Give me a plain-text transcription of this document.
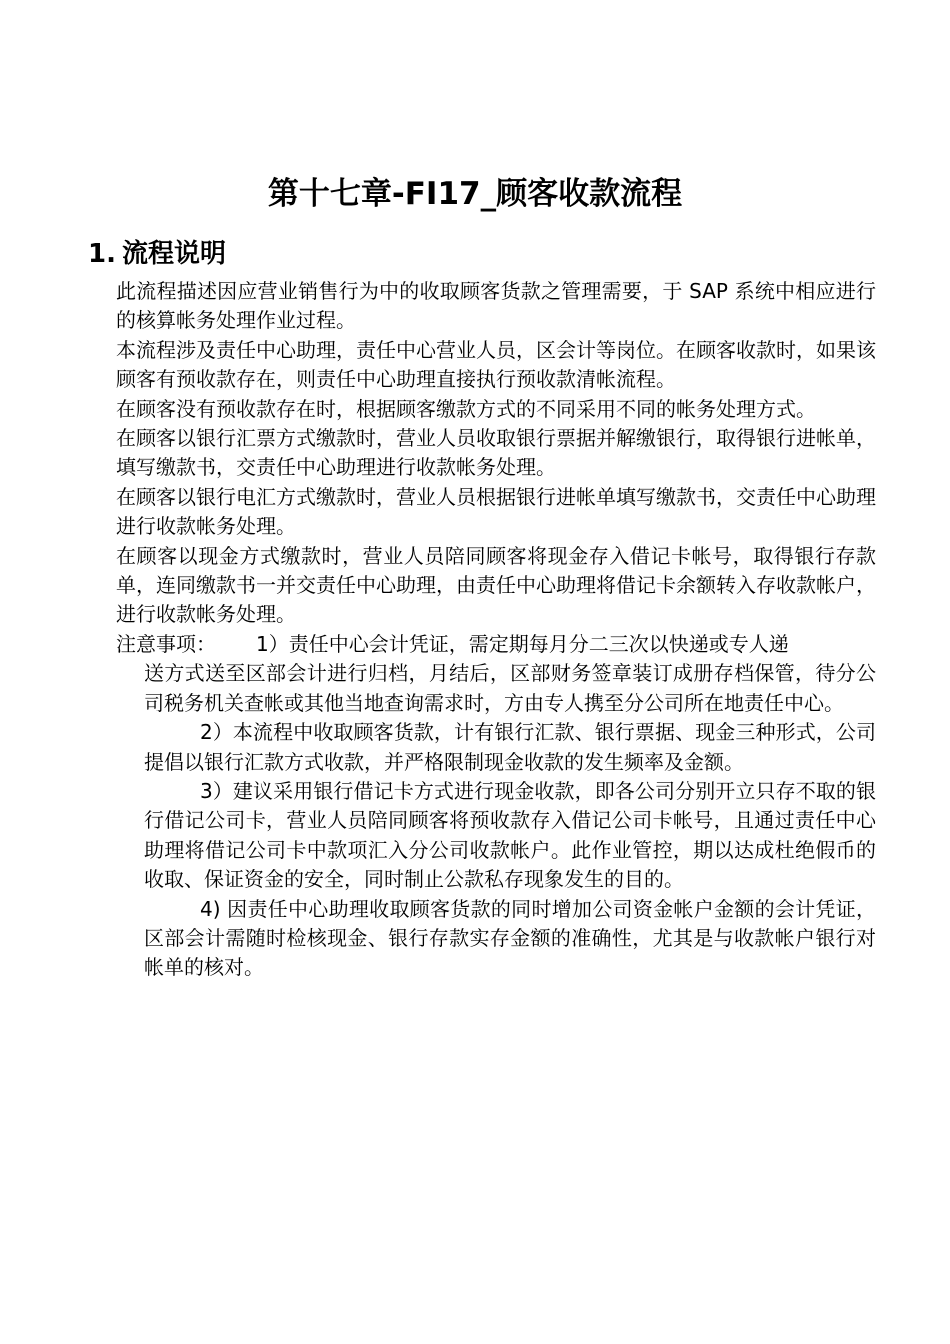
第十七章-FI17_顾客收款流程
1. 流程说明

此流程描述因应营业销售行为中的收取顾客货款之管理需要，于 SAP 系统中相应进行的核算帐务处理作业过程。

本流程涉及责任中心助理，责任中心营业人员，区会计等岗位。在顾客收款时，如果该顾客有预收款存在，则责任中心助理直接执行预收款清帐流程。

在顾客没有预收款存在时，根据顾客缴款方式的不同采用不同的帐务处理方式。

在顾客以银行汇票方式缴款时，营业人员收取银行票据并解缴银行，取得银行进帐单，填写缴款书，交责任中心助理进行收款帐务处理。

在顾客以银行电汇方式缴款时，营业人员根据银行进帐单填写缴款书，交责任中心助理进行收款帐务处理。

在顾客以现金方式缴款时，营业人员陪同顾客将现金存入借记卡帐号，取得银行存款单，连同缴款书一并交责任中心助理，由责任中心助理将借记卡余额转入存收款帐户，进行收款帐务处理。

注意事项： 1）责任中心会计凭证，需定期每月分二三次以快递或专人递

送方式送至区部会计进行归档，月结后，区部财务签章装订成册存档保管，待分公司税务机关查帐或其他当地查询需求时，方由专人携至分公司所在地责任中心。

2）本流程中收取顾客货款，计有银行汇款、银行票据、现金三种形式，公司提倡以银行汇款方式收款，并严格限制现金收款的发生频率及金额。

3）建议采用银行借记卡方式进行现金收款，即各公司分别开立只存不取的银行借记公司卡，营业人员陪同顾客将预收款存入借记公司卡帐号，且通过责任中心助理将借记公司卡中款项汇入分公司收款帐户。此作业管控，期以达成杜绝假币的收取、保证资金的安全，同时制止公款私存现象发生的目的。

4) 因责任中心助理收取顾客货款的同时增加公司资金帐户金额的会计凭证，区部会计需随时检核现金、银行存款实存金额的准确性，尤其是与收款帐户银行对帐单的核对。
